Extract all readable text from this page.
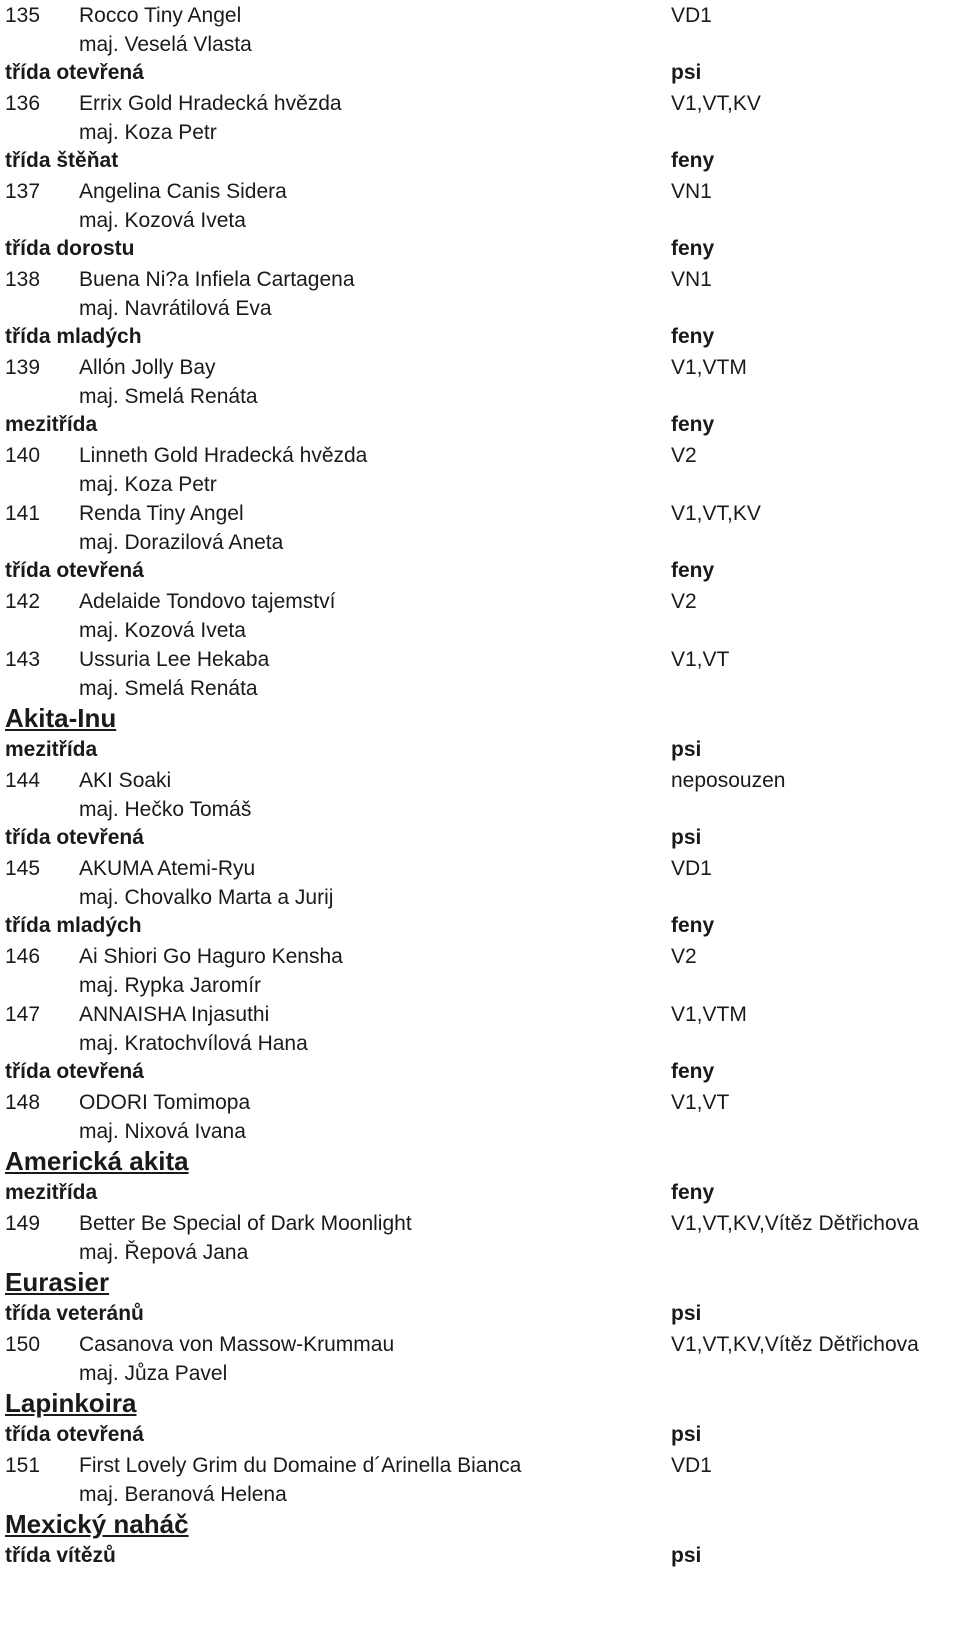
135 Rocco Tiny Angel	VD1
maj. Veselá Vlasta
třída otevřená	psi
136 Errix Gold Hradecká hvězda	V1,VT,KV
maj. Koza Petr
třída štěňat	feny
137 Angelina Canis Sidera	VN1
maj. Kozová Iveta
třída dorostu	feny
138 Buena Ni?a Infiela Cartagena	VN1
maj. Navrátilová Eva
třída mladých	feny
139 Allón Jolly Bay	V1,VTM
maj. Smelá Renáta
mezitřída	feny
140 Linneth Gold Hradecká hvězda	V2
maj. Koza Petr
141 Renda Tiny Angel	V1,VT,KV
maj. Dorazilová Aneta
třída otevřená	feny
142 Adelaide Tondovo tajemství	V2
maj. Kozová Iveta
143 Ussuria Lee Hekaba	V1,VT
maj. Smelá Renáta
Akita-Inu
mezitřída	psi
144 AKI Soaki	neposouzen
maj. Hečko Tomáš
třída otevřená	psi
145 AKUMA Atemi-Ryu	VD1
maj. Chovalko Marta a Jurij
třída mladých	feny
146 Ai Shiori Go Haguro Kensha	V2
maj. Rypka Jaromír
147 ANNAISHA Injasuthi	V1,VTM
maj. Kratochvílová Hana
třída otevřená	feny
148 ODORI Tomimopa	V1,VT
maj. Nixová Ivana
Americká akita
mezitřída	feny
149 Better Be Special of Dark Moonlight	V1,VT,KV,Vítěz Dětřichova
maj. Řepová Jana
Eurasier
třída veteránů	psi
150 Casanova von Massow-Krummau	V1,VT,KV,Vítěz Dětřichova
maj. Jůza Pavel
Lapinkoira
třída otevřená	psi
151 First Lovely Grim du Domaine d´Arinella Bianca	VD1
maj. Beranová Helena
Mexický naháč
třída vítězů	psi
